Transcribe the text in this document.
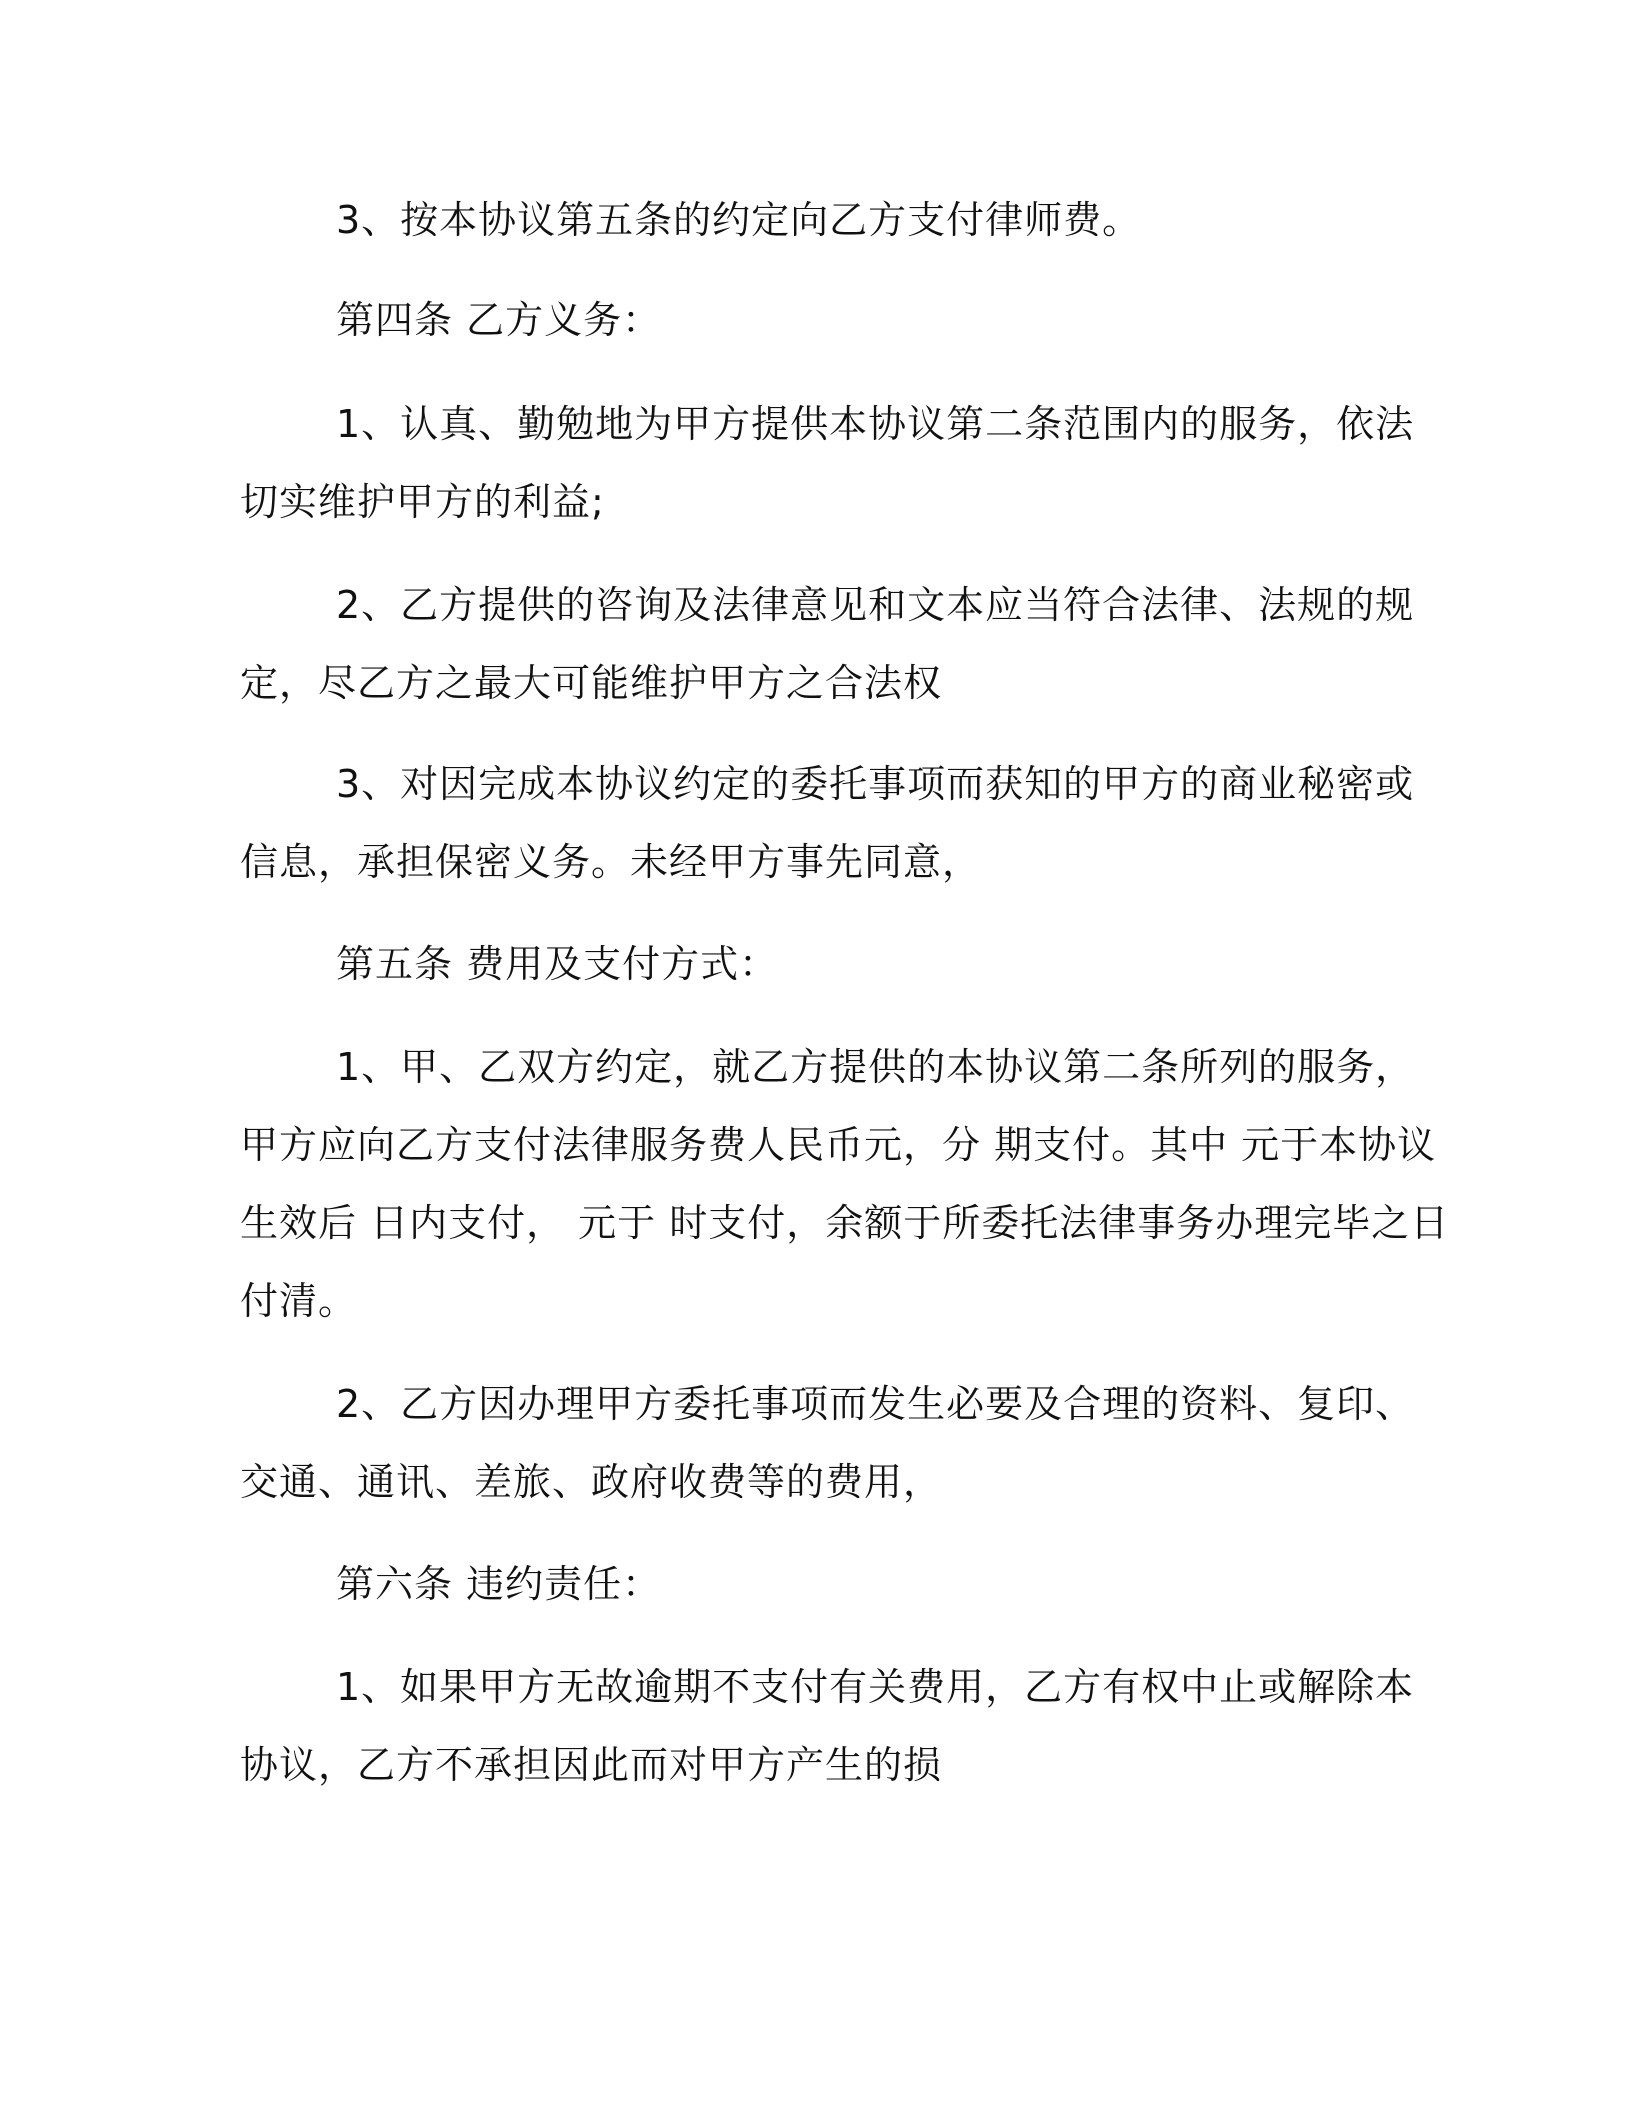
3、按本协议第五条的约定向乙方支付律师费。

第四条 乙方义务：

1、认真、勤勉地为甲方提供本协议第二条范围内的服务，依法
切实维护甲方的利益;

2、乙方提供的咨询及法律意见和文本应当符合法律、法规的规
定，尽乙方之最大可能维护甲方之合法权

3、对因完成本协议约定的委托事项而获知的甲方的商业秘密或
信息，承担保密义务。未经甲方事先同意，

第五条 费用及支付方式：

1、甲、乙双方约定，就乙方提供的本协议第二条所列的服务，
甲方应向乙方支付法律服务费人民币元，分 期支付。其中 元于本协议
生效后 日内支付， 元于 时支付，余额于所委托法律事务办理完毕之日
付清。

2、乙方因办理甲方委托事项而发生必要及合理的资料、复印、
交通、通讯、差旅、政府收费等的费用，

第六条 违约责任：

1、如果甲方无故逾期不支付有关费用，乙方有权中止或解除本
协议，乙方不承担因此而对甲方产生的损
